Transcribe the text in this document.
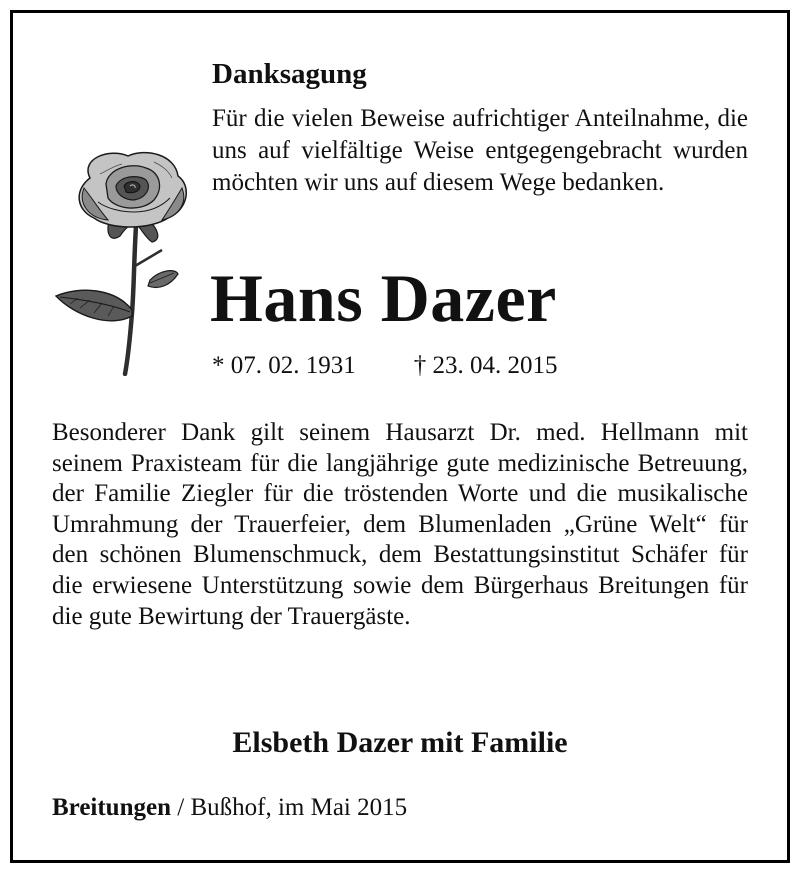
Danksagung

Für die vielen Beweise aufrichtiger Anteilnahme, die uns auf vielfältige Weise entgegengebracht wurden möchten wir uns auf diesem Wege bedanken.

Hans Dazer
* 07. 02. 1931 † 23. 04. 2015

Besonderer Dank gilt seinem Hausarzt Dr. med. Hellmann mit seinem Praxisteam für die langjährige gute medizinische Betreuung, der Familie Ziegler für die tröstenden Worte und die musikalische Umrahmung der Trauerfeier, dem Blumenladen „Grüne Welt“ für den schönen Blumenschmuck, dem Bestattungsinstitut Schäfer für die erwiesene Unterstützung sowie dem Bürgerhaus Breitungen für die gute Bewirtung der Trauergäste.

Elsbeth Dazer mit Familie

Breitungen / Bußhof, im Mai 2015
